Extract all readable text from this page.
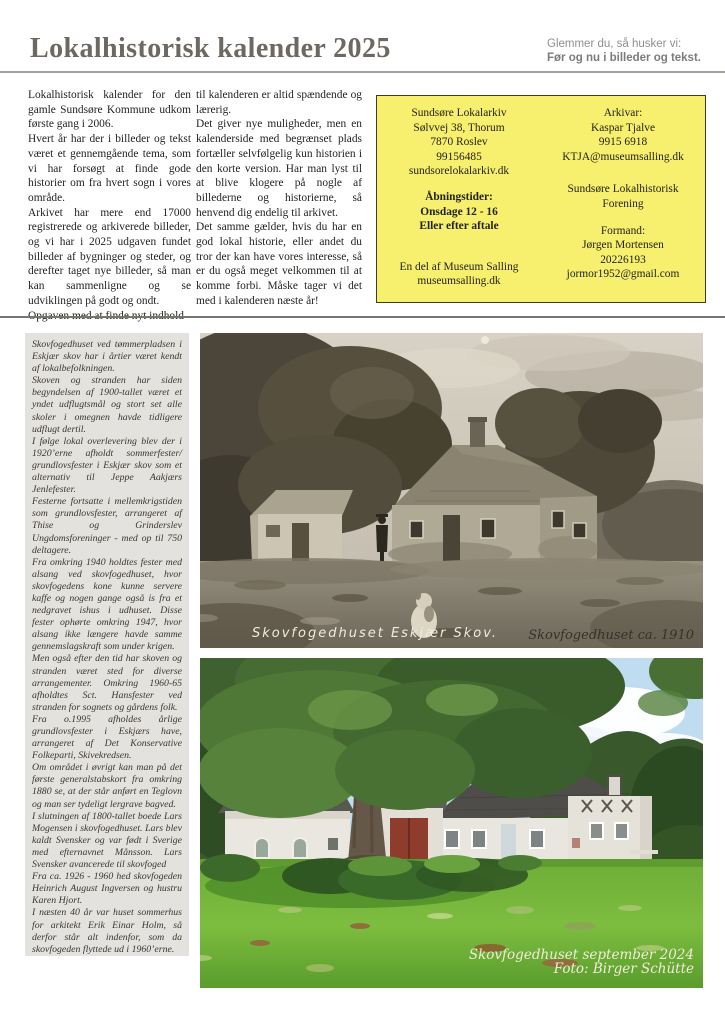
Lokalhistorisk kalender 2025	Glemmer du, så husker vi:
Før og nu i billeder og tekst.

Lokalhistorisk kalender for den gamle Sundsøre Kommune udkom første gang i 2006.

Hvert år har der i billeder og tekst været et gennemgående tema, som vi har forsøgt at finde gode historier om fra hvert sogn i vores område.

Arkivet har mere end 17000 registrerede og arkiverede billeder, og vi har i 2025 udgaven fundet billeder af bygninger og steder, og derefter taget nye billeder, så man kan sammenligne og se udviklingen på godt og ondt.

til kalenderen er altid spændende og lærerig.

Det giver nye muligheder, men en kalenderside med begrænset plads fortæller selvfølgelig kun historien i den korte version. Har man lyst til at blive klogere på nogle af billederne og historierne, så henvend dig endelig til arkivet.

Det samme gælder, hvis du har en god lokal historie, eller andet du tror der kan have vores interesse, så er du også meget velkommen til at komme forbi. Måske tager vi det med i kalenderen næste år!

Sundsøre Lokalarkiv
Sølvvej 38, Thorum
7870 Roslev
99156485
sundsorelokalarkiv.dk
Åbningstider:
Onsdage 12 - 16
Eller efter aftale
En del af Museum Salling
museumsalling.dk
Arkivar:
Kaspar Tjalve
9915 6918
KTJA@museumsalling.dk
Sundsøre Lokalhistorisk
Forening
Formand:
Jørgen Mortensen
20226193
jormor1952@gmail.com

Skovfogedhuset ved tømmerpladsen i Eskjær skov har i årtier været kendt af lokalbefolkningen.

Skoven og stranden har siden begyndelsen af 1900-tallet været et yndet udflugtsmål og stort set alle skoler i omegnen havde tidligere udflugt dertil.

I følge lokal overlevering blev der i 1920’erne afholdt sommerfester/ grundlovsfester i Eskjær skov som et alternativ til Jeppe Aakjærs Jenlefester.

Festerne fortsatte i mellemkrigstiden som grundlovsfester, arrangeret af Thise og Grinderslev Ungdomsforeninger - med op til 750 deltagere.

Fra omkring 1940 holdtes fester med alsang ved skovfogedhuset, hvor skovfogedens kone kunne servere kaffe og nogen gange også is fra et nedgravet ishus i udhuset. Disse fester ophørte omkring 1947, hvor alsang ikke længere havde samme gennemslagskraft som under krigen.

Men også efter den tid har skoven og stranden været sted for diverse arrangementer. Omkring 1960-65 afholdtes Sct. Hansfester ved stranden for sognets og gårdens folk.

Fra o.1995 afholdes årlige grundlovsfester i Eskjærs have, arrangeret af Det Konservative Folkeparti, Skivekredsen.

Om området i øvrigt kan man på det første generalstabskort fra omkring 1880 se, at der står anført en Teglovn og man ser tydeligt lergrave bagved.

I slutningen af 1800-tallet boede Lars Mogensen i skovfogedhuset. Lars blev kaldt Svensker og var født i Sverige med efternavnet Månsson. Lars Svensker avancerede til skovfoged

Fra ca. 1926 - 1960 hed skovfogeden Heinrich August Ingversen og hustru Karen Hjort.

I næsten 40 år var huset sommerhus for arkitekt Erik Einar Holm, så derfor står alt indenfor, som da skovfogeden flyttede ud i 1960’erne.

Skovfogedhuset Eskjær Skov. Skovfogedhuset ca. 1910
Skovfogedhuset september 2024
Foto: Birger Schütte
